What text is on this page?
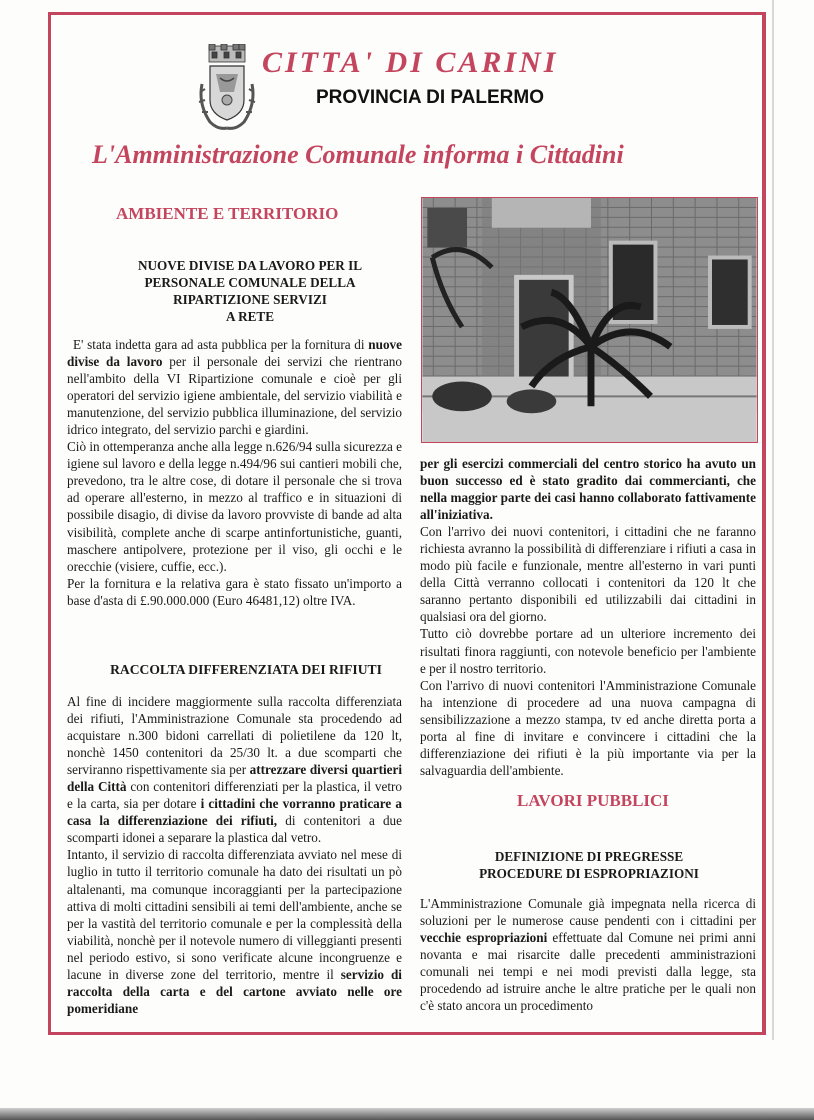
CITTA' DI CARINI
PROVINCIA DI PALERMO
L'Amministrazione Comunale informa i Cittadini
AMBIENTE E TERRITORIO
NUOVE DIVISE DA LAVORO PER IL
PERSONALE COMUNALE DELLA
RIPARTIZIONE SERVIZI
A RETE

E' stata indetta gara ad asta pubblica per la fornitura di nuove divise da lavoro per il personale dei servizi che rientrano nell'ambito della VI Ripartizione comunale e cioè per gli operatori del servizio igiene ambientale, del servizio viabilità e manutenzione, del servizio pubblica illuminazione, del servizio idrico integrato, del servizio parchi e giardini.

Ciò in ottemperanza anche alla legge n.626/94 sulla sicurezza e igiene sul lavoro e della legge n.494/96 sui cantieri mobili che, prevedono, tra le altre cose, di dotare il personale che si trova ad operare all'esterno, in mezzo al traffico e in situazioni di possibile disagio, di divise da lavoro provviste di bande ad alta visibilità, complete anche di scarpe antinfortunistiche, guanti, maschere antipolvere, protezione per il viso, gli occhi e le orecchie (visiere, cuffie, ecc.).

Per la fornitura e la relativa gara è stato fissato un'importo a base d'asta di £.90.000.000 (Euro 46481,12) oltre IVA.

RACCOLTA DIFFERENZIATA DEI RIFIUTI

Al fine di incidere maggiormente sulla raccolta differenziata dei rifiuti, l'Amministrazione Comunale sta procedendo ad acquistare n.300 bidoni carrellati di polietilene da 120 lt, nonchè 1450 contenitori da 25/30 lt. a due scomparti che serviranno rispettivamente sia per attrezzare diversi quartieri della Città con contenitori differenziati per la plastica, il vetro e la carta, sia per dotare i cittadini che vorranno praticare a casa la differenziazione dei rifiuti, di contenitori a due scomparti idonei a separare la plastica dal vetro.

Intanto, il servizio di raccolta differenziata avviato nel mese di luglio in tutto il territorio comunale ha dato dei risultati un pò altalenanti, ma comunque incoraggianti per la partecipazione attiva di molti cittadini sensibili ai temi dell'ambiente, anche se per la vastità del territorio comunale e per la complessità della viabilità, nonchè per il notevole numero di villeggianti presenti nel periodo estivo, si sono verificate alcune incongruenze e lacune in diverse zone del territorio, mentre il servizio di raccolta della carta e del cartone avviato nelle ore pomeridiane

per gli esercizi commerciali del centro storico ha avuto un buon successo ed è stato gradito dai commercianti, che nella maggior parte dei casi hanno collaborato fattivamente all'iniziativa.

Con l'arrivo dei nuovi contenitori, i cittadini che ne faranno richiesta avranno la possibilità di differenziare i rifiuti a casa in modo più facile e funzionale, mentre all'esterno in vari punti della Città verranno collocati i contenitori da 120 lt che saranno pertanto disponibili ed utilizzabili dai cittadini in qualsiasi ora del giorno.

Tutto ciò dovrebbe portare ad un ulteriore incremento dei risultati finora raggiunti, con notevole beneficio per l'ambiente e per il nostro territorio.

Con l'arrivo di nuovi contenitori l'Amministrazione Comunale ha intenzione di procedere ad una nuova campagna di sensibilizzazione a mezzo stampa, tv ed anche diretta porta a porta al fine di invitare e convincere i cittadini che la differenziazione dei rifiuti è la più importante via per la salvaguardia dell'ambiente.

LAVORI PUBBLICI
DEFINIZIONE DI PREGRESSE
PROCEDURE DI ESPROPRIAZIONI

L'Amministrazione Comunale già impegnata nella ricerca di soluzioni per le numerose cause pendenti con i cittadini per vecchie espropriazioni effettuate dal Comune nei primi anni novanta e mai risarcite dalle precedenti amministrazioni comunali nei tempi e nei modi previsti dalla legge, sta procedendo ad istruire anche le altre pratiche per le quali non c'è stato ancora un procedimento
